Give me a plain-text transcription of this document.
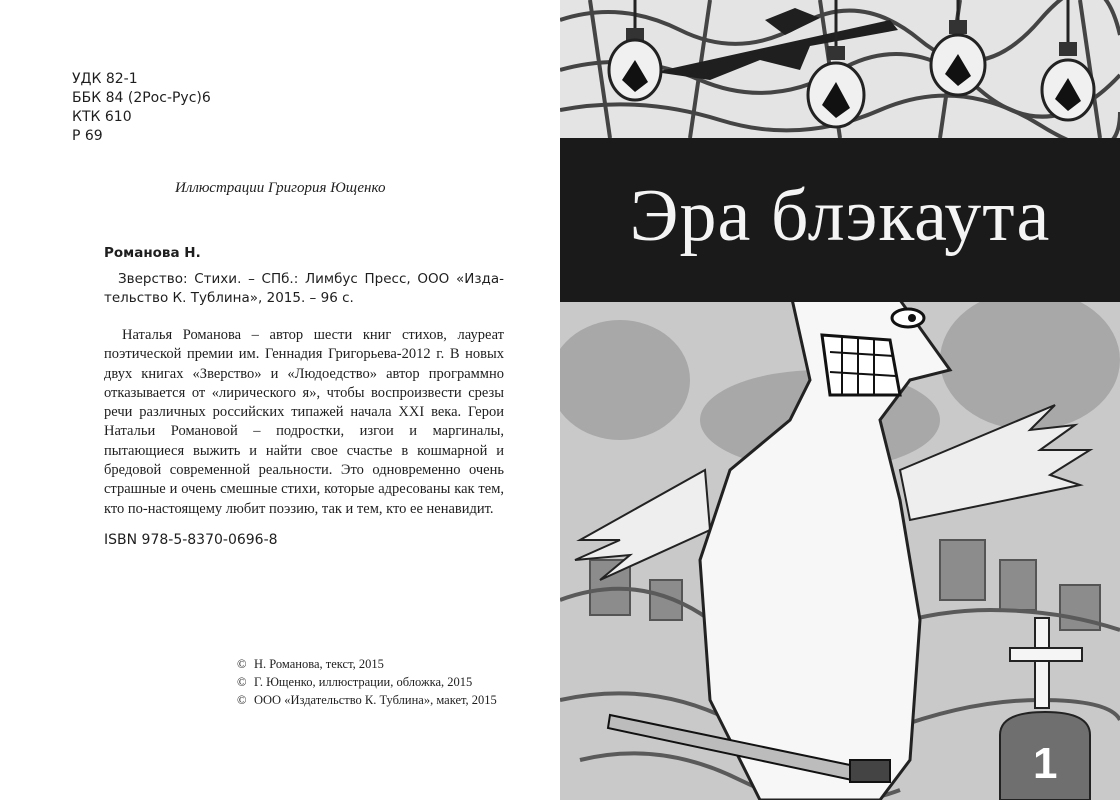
УДК 82-1
ББК 84 (2Рос-Рус)6
КТК 610
Р 69
Иллюстрации Григория Ющенко
Романова Н.

Зверство: Стихи. – СПб.: Лимбус Пресс, ООО «Издательство К. Тублина», 2015. – 96 с.

Наталья Романова – автор шести книг стихов, лауреат поэтической премии им. Геннадия Григорьева-2012 г. В новых двух книгах «Зверство» и «Людоедство» автор программно отказывается от «лирического я», чтобы воспроизвести срезы речи различных российских типажей начала XXI века. Герои Натальи Романовой – подростки, изгои и маргиналы, пытающиеся выжить и найти свое счастье в кошмарной и бредовой современной реальности. Это одновременно очень страшные и очень смешные стихи, которые адресованы как тем, кто по-настоящему любит поэзию, так и тем, кто ее ненавидит.

ISBN 978-5-8370-0696-8
© Н. Романова, текст, 2015
© Г. Ющенко, иллюстрации, обложка, 2015
© ООО «Издательство К. Тублина», макет, 2015
Эра блэкаута
1
